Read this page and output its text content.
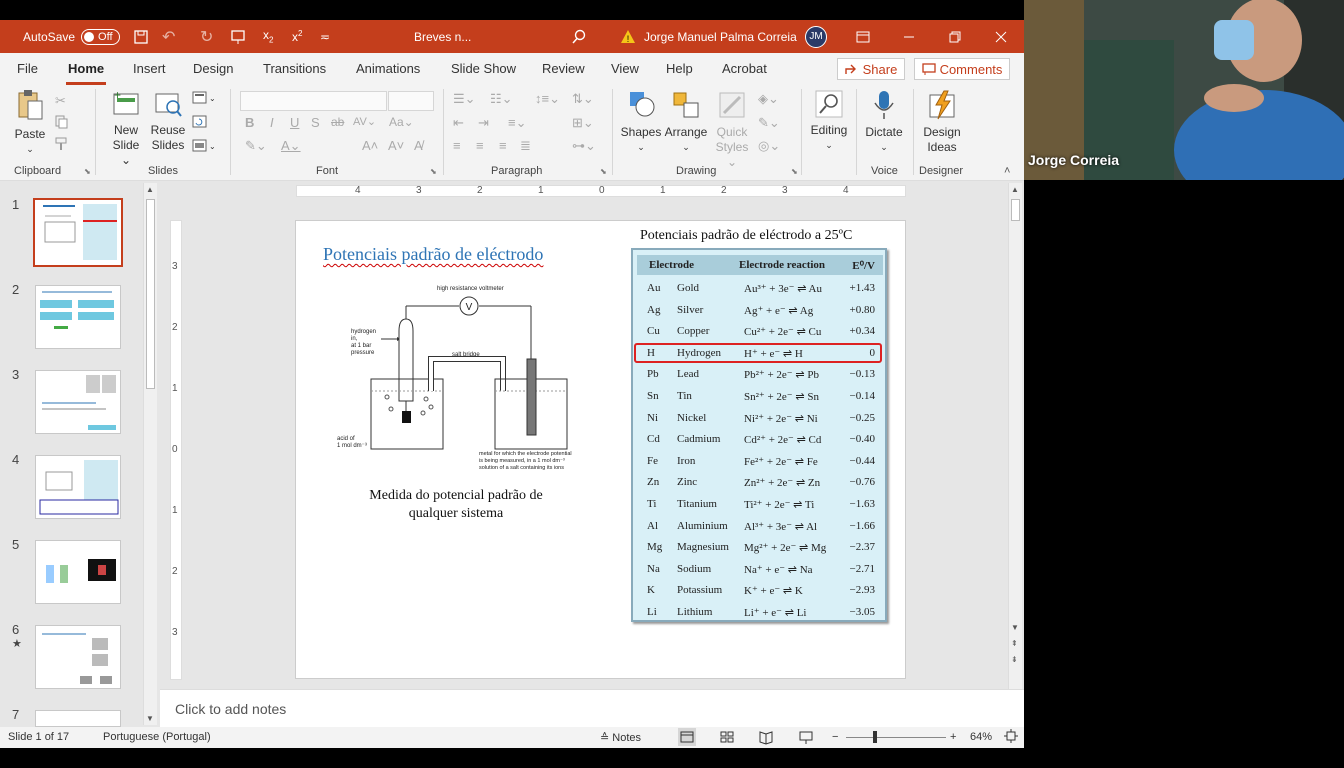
AutoSave Off	↶ ↻	$x_2$ $x^2$ ≂	Breves n...	! Jorge Manuel Palma Correia	JM
File Home Insert Design Transitions Animations Slide Show Review View Help Acrobat	Share	Comments
Paste
⌄
✂
Clipboard	⬊
+
New
Slide ⌄
Reuse
Slides
⌄
⌄
Slides
B I U S ab AV⌄ Aa⌄
✎⌄ A⌄	A˄ A˅ A̸
Font	⬊
☰⌄ ☷⌄ ↕≡⌄ ⇅⌄
⇤ ⇥ ≡⌄	⊞⌄
≡ ≡ ≡ ≣	⊶⌄
Paragraph	⬊
Shapes
⌄
Arrange
⌄
Quick
Styles ⌄
◈⌄
✎⌄
◎⌄
Drawing	⬊
Editing
⌄
Dictate
⌄
Voice
Design
Ideas
Designer	˄
1
2
3
4
5
6
★
7
▲
▼
4	3	2	1	0	1	2	3	4
3
2
1
0
1
2
3
Potenciais padrão de eléctrodo
high resistance voltmeter
V
hydrogen
in,
at 1 bar
pressure	salt bridge
acid of
1 mol dm⁻³
metal for which the electrode potential
is being measured, in a 1 mol dm⁻³
solution of a salt containing its ions
Medida do potencial padrão de qualquer sistema
Potenciais padrão de eléctrodo a 25ºC
Electrode	Electrode reaction E⁰/V
Au Gold	Au³⁺ + 3e⁻ ⇌ Au	+1.43
Ag Silver	Ag⁺ + e⁻ ⇌ Ag	+0.80
Cu Copper	Cu²⁺ + 2e⁻ ⇌ Cu	+0.34
H Hydrogen H⁺ + e⁻ ⇌ H	0
Pb Lead	Pb²⁺ + 2e⁻ ⇌ Pb	−0.13
Sn Tin	Sn²⁺ + 2e⁻ ⇌ Sn	−0.14
Ni Nickel	Ni²⁺ + 2e⁻ ⇌ Ni	−0.25
Cd Cadmium Cd²⁺ + 2e⁻ ⇌ Cd	−0.40
Fe Iron	Fe²⁺ + 2e⁻ ⇌ Fe	−0.44
Zn Zinc	Zn²⁺ + 2e⁻ ⇌ Zn	−0.76
Ti Titanium Ti²⁺ + 2e⁻ ⇌ Ti	−1.63
Al Aluminium Al³⁺ + 3e⁻ ⇌ Al	−1.66
Mg Magnesium Mg²⁺ + 2e⁻ ⇌ Mg −2.37
Na Sodium	Na⁺ + e⁻ ⇌ Na	−2.71
K Potassium K⁺ + e⁻ ⇌ K	−2.93
Li Lithium	Li⁺ + e⁻ ⇌ Li	−3.05
▲
▼
⇞
⇟
Click to add notes
Slide 1 of 17	Portuguese (Portugal)	≙ Notes	−	+ 64%
Jorge Correia
